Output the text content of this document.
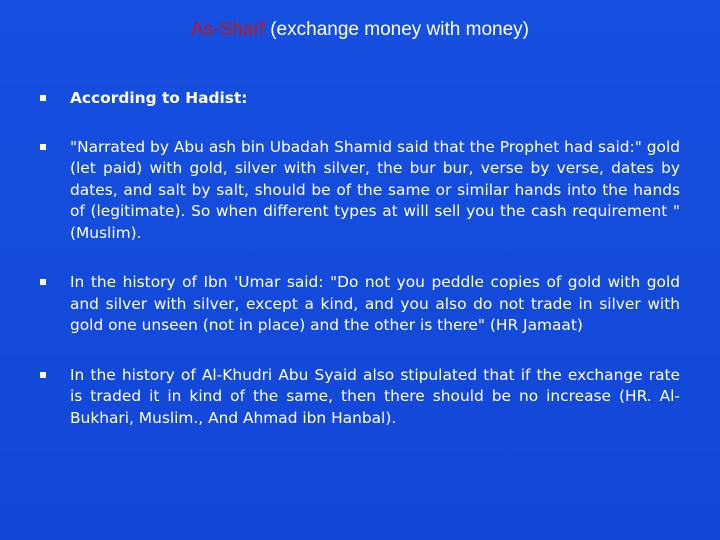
As-Sharf (exchange money with money)
According to Hadist:
"Narrated by Abu ash bin Ubadah Shamid said that the Prophet had said:" gold (let paid) with gold, silver with silver, the bur bur, verse by verse, dates by dates, and salt by salt, should be of the same or similar hands into the hands of (legitimate). So when different types at will sell you the cash requirement "(Muslim).
In the history of Ibn 'Umar said: "Do not you peddle copies of gold with gold and silver with silver, except a kind, and you also do not trade in silver with gold one unseen (not in place) and the other is there" (HR Jamaat)
In the history of Al-Khudri Abu Syaid also stipulated that if the exchange rate is traded it in kind of the same, then there should be no increase (HR. Al-Bukhari, Muslim., And Ahmad ibn Hanbal).
